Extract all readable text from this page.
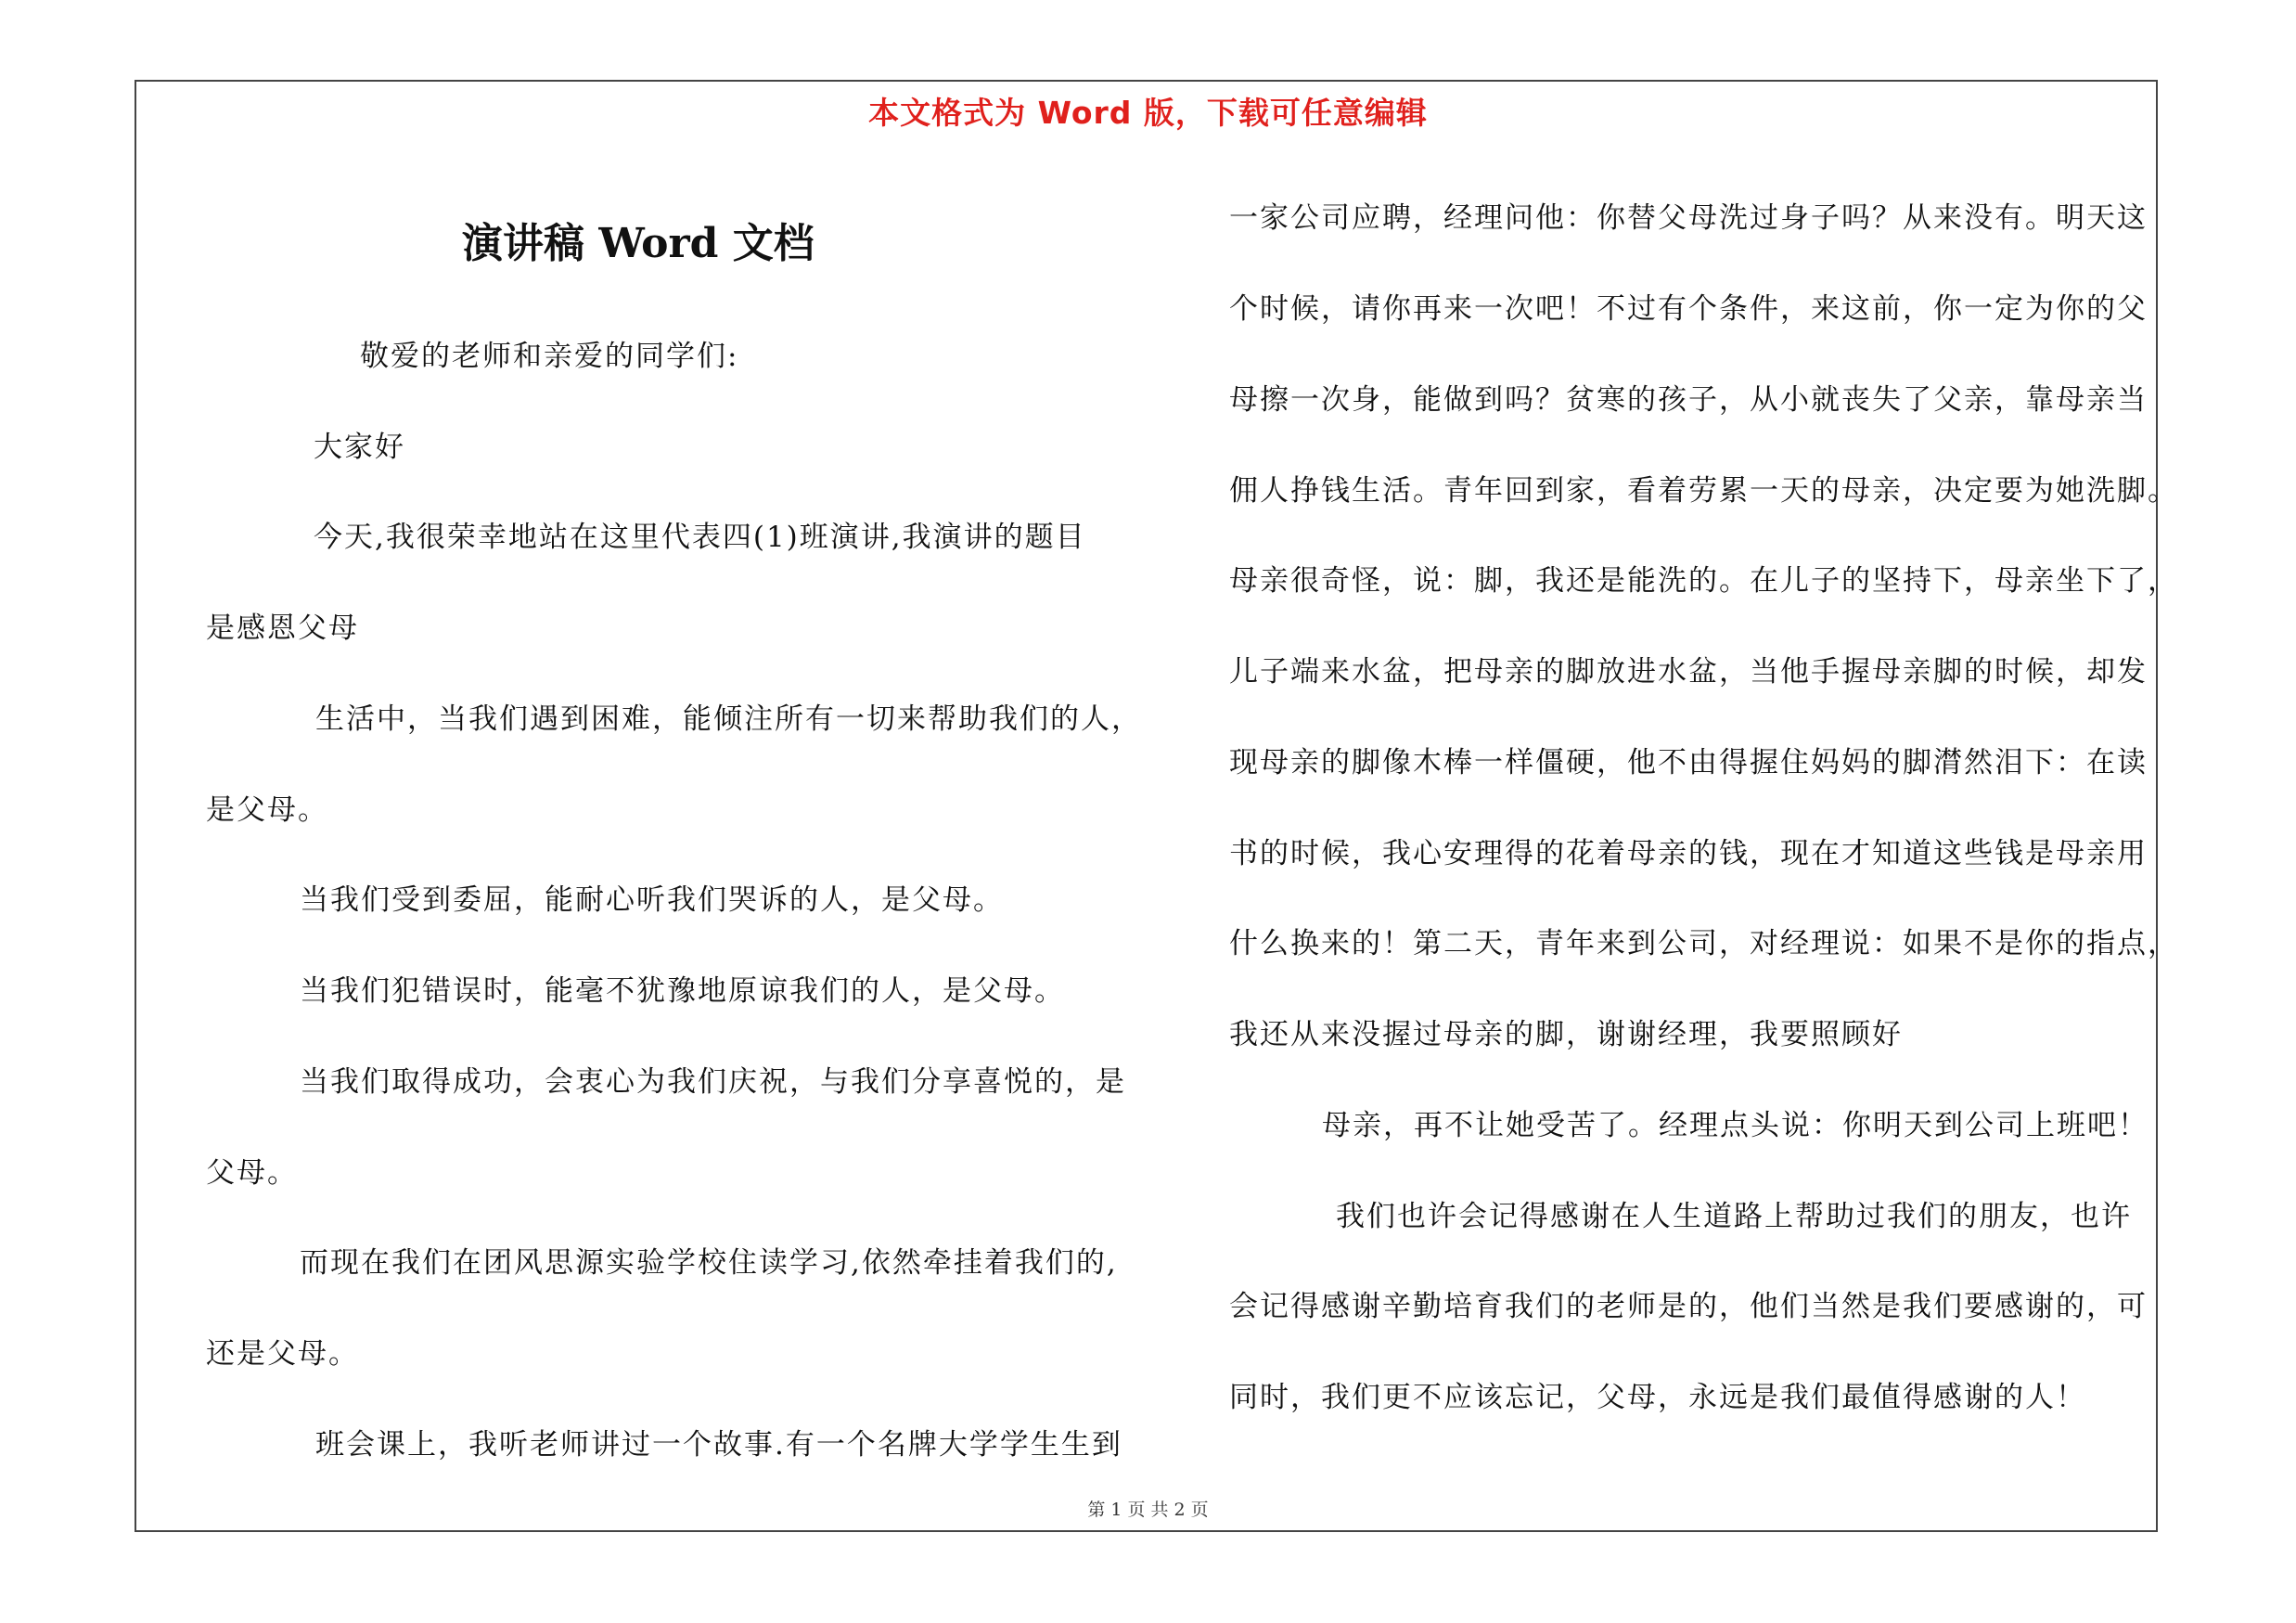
本文格式为 Word 版，下载可任意编辑
演讲稿 Word 文档
敬爱的老师和亲爱的同学们:
大家好
今天,我很荣幸地站在这里代表四(1)班演讲,我演讲的题目
是感恩父母
生活中，当我们遇到困难，能倾注所有一切来帮助我们的人，
是父母。
当我们受到委屈，能耐心听我们哭诉的人，是父母。
当我们犯错误时，能毫不犹豫地原谅我们的人，是父母。
当我们取得成功，会衷心为我们庆祝，与我们分享喜悦的，是
父母。
而现在我们在团风思源实验学校住读学习,依然牵挂着我们的,
还是父母。
班会课上，我听老师讲过一个故事.有一个名牌大学学生生到
一家公司应聘，经理问他：你替父母洗过身子吗？从来没有。明天这
个时候，请你再来一次吧！不过有个条件，来这前，你一定为你的父
母擦一次身，能做到吗？贫寒的孩子，从小就丧失了父亲，靠母亲当
佣人挣钱生活。青年回到家，看着劳累一天的母亲，决定要为她洗脚。
母亲很奇怪，说：脚，我还是能洗的。在儿子的坚持下，母亲坐下了，
儿子端来水盆，把母亲的脚放进水盆，当他手握母亲脚的时候，却发
现母亲的脚像木棒一样僵硬，他不由得握住妈妈的脚潸然泪下：在读
书的时候，我心安理得的花着母亲的钱，现在才知道这些钱是母亲用
什么换来的！第二天，青年来到公司，对经理说：如果不是你的指点，
我还从来没握过母亲的脚，谢谢经理，我要照顾好
母亲，再不让她受苦了。经理点头说：你明天到公司上班吧！
我们也许会记得感谢在人生道路上帮助过我们的朋友，也许
会记得感谢辛勤培育我们的老师是的，他们当然是我们要感谢的，可
同时，我们更不应该忘记，父母，永远是我们最值得感谢的人！
第 1 页 共 2 页
